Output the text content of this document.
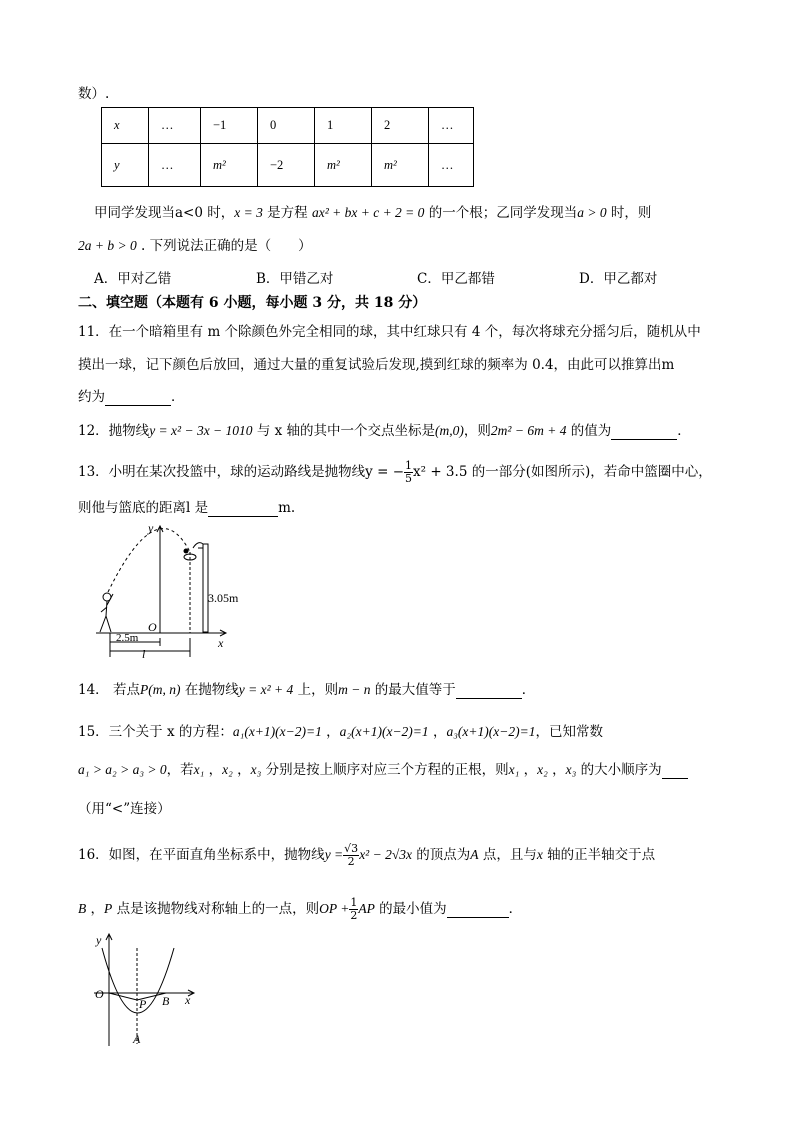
数）.
x	…	−1	0	1	2	…
y	…	m²	−2	m²	m²	…
甲同学发现当a<0 时，x = 3 是方程 ax² + bx + c + 2 = 0 的一个根；乙同学发现当a > 0 时，则
2a + b > 0 . 下列说法正确的是（　　）
A．甲对乙错	B．甲错乙对	C．甲乙都错	D．甲乙都对
二、填空题（本题有 6 小题，每小题 3 分，共 18 分）
11．在一个暗箱里有 m 个除颜色外完全相同的球，其中红球只有 4 个，每次将球充分摇匀后，随机从中
摸出一球，记下颜色后放回，通过大量的重复试验后发现,摸到红球的频率为 0.4，由此可以推算出m
约为	．
12．抛物线y = x² − 3x − 1010 与 x 轴的其中一个交点坐标是(m,0)，则2m² − 6m + 4 的值为	．
13．小明在某次投篮中，球的运动路线是抛物线y = − $\frac{1}{5} x^2 + 3.5$ 的一部分(如图所示)，若命中篮圈中心，
则他与篮底的距离l 是	m.
y
x
O
3.05m
2.5m
l
14． 若点P(m, n) 在抛物线y = x² + 4 上，则m − n 的最大值等于	．
15．三个关于 x 的方程：a₁(x+1)(x−2)=1 ，a₂(x+1)(x−2)=1 ，a₃(x+1)(x−2)=1，已知常数
a₁ > a₂ > a₃ > 0，若x₁ ，x₂ ，x₃ 分别是按上顺序对应三个方程的正根，则x₁ ，x₂ ，x₃ 的大小顺序为
（用“<”连接）
16．如图，在平面直角坐标系中，抛物线$y = \frac{√3}{2} x^2 - 2√3x$ 的顶点为A 点，且与x 轴的正半轴交于点
B ，P 点是该抛物线对称轴上的一点，则OP + $\frac{1}{2}$ AP 的最小值为	．
y
x
O
P B
A
